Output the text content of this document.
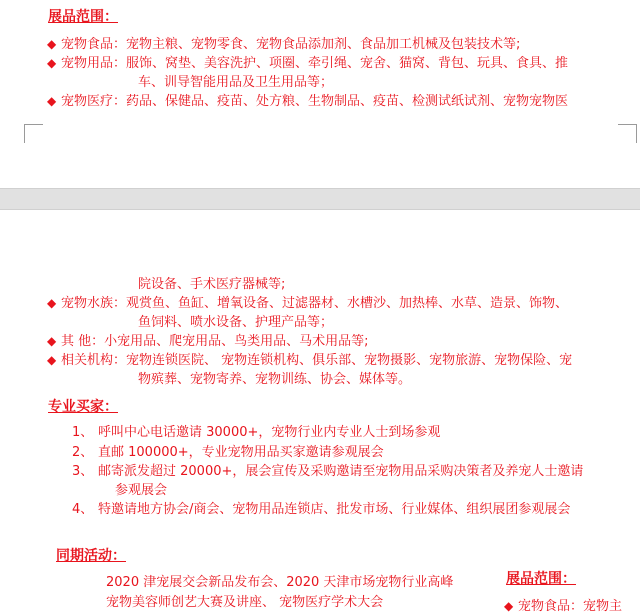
展品范围：
◆ 宠物食品：宠物主粮、宠物零食、宠物食品添加剂、食品加工机械及包装技术等;
◆ 宠物用品：服饰、窝垫、美容洗护、项圈、牵引绳、宠舍、猫窝、背包、玩具、食具、推
车、训导智能用品及卫生用品等；
◆ 宠物医疗：药品、保健品、疫苗、处方粮、生物制品、疫苗、检测试纸试剂、宠物宠物医
院设备、手术医疗器械等;
◆ 宠物水族：观赏鱼、鱼缸、增氧设备、过滤器材、水槽沙、加热棒、水草、造景、饰物、
鱼饲料、喷水设备、护理产品等；
◆ 其 他：小宠用品、爬宠用品、鸟类用品、马术用品等;
◆ 相关机构：宠物连锁医院、 宠物连锁机构、俱乐部、宠物摄影、宠物旅游、宠物保险、宠
物殡葬、宠物寄养、宠物训练、协会、媒体等。
专业买家：
1、 呼叫中心电话邀请 30000+，宠物行业内专业人士到场参观
2、 直邮 100000+，专业宠物用品买家邀请参观展会
3、 邮寄派发超过 20000+，展会宣传及采购邀请至宠物用品采购决策者及养宠人士邀请
参观展会
4、 特邀请地方协会/商会、宠物用品连锁店、批发市场、行业媒体、组织展团参观展会
同期活动：
2020 津宠展交会新品发布会、2020 天津市场宠物行业高峰
宠物美容师创艺大赛及讲座、 宠物医疗学术大会
展品范围：
◆ 宠物食品：宠物主
